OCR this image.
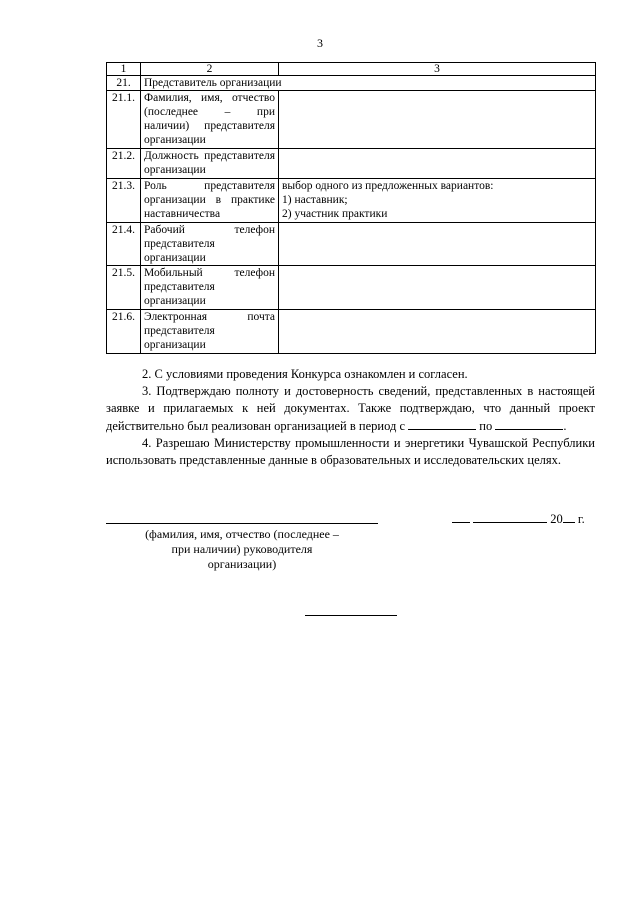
3
1	2	3
21.	Представитель организации	
21.1.	Фамилия, имя, отчество (последнее – при наличии) представителя организации	
21.2.	Должность представителя организации	
21.3.	Роль представителя организации в практике наставничества	выбор одного из предложенных вариантов:
1) наставник;
2) участник практики

21.4.	Рабочий телефон представителя организации	
21.5.	Мобильный телефон представителя организации	
21.6.	Электронная почта представителя организации	

2. С условиями проведения Конкурса ознакомлен и согласен.

3. Подтверждаю полноту и достоверность сведений, представленных в настоящей заявке и прилагаемых к ней документах. Также подтверждаю, что данный проект действительно был реализован организацией в период с	по	.

4. Разрешаю Министерству промышленности и энергетики Чувашской Республики использовать представленные данные в образовательных и исследовательских целях.

20 г.
(фамилия, имя, отчество (последнее –
при наличии) руководителя
организации)
